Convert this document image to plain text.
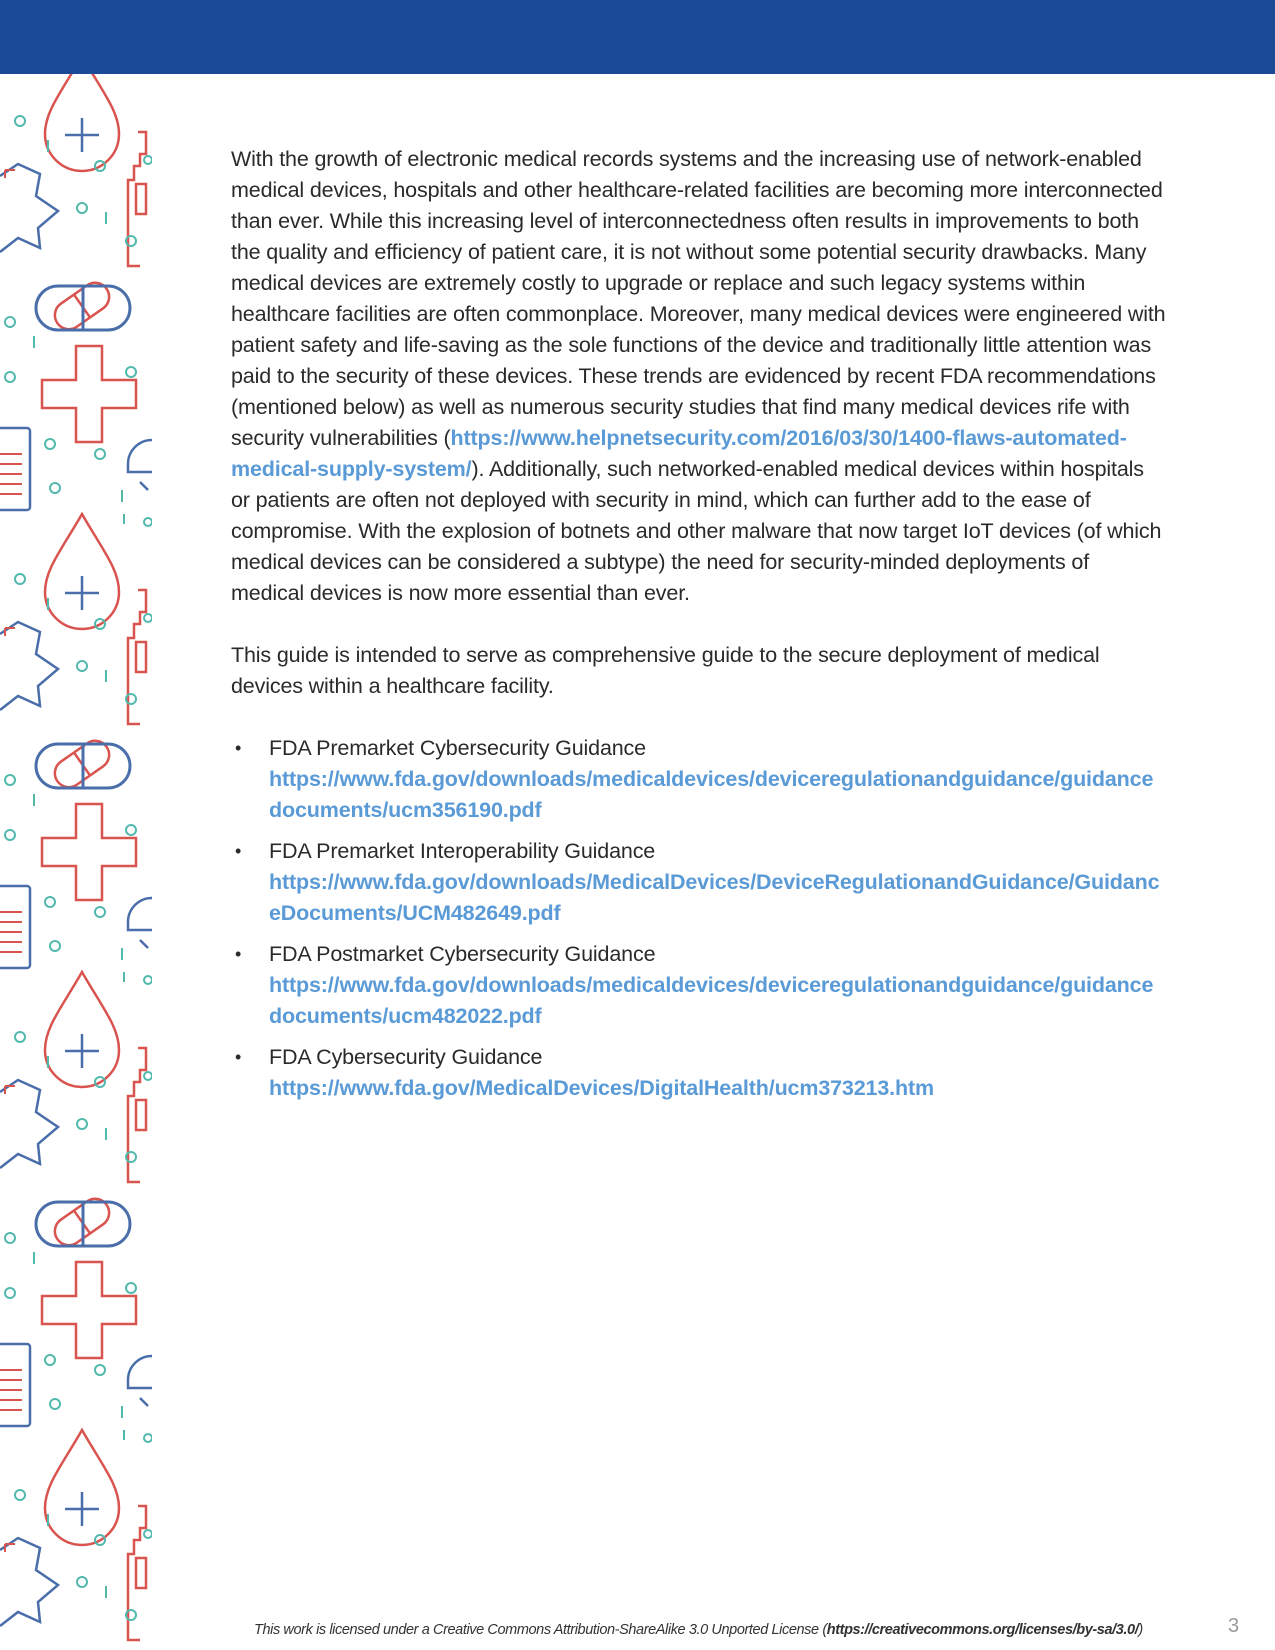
With the growth of electronic medical records systems and the increasing use of network-enabled medical devices, hospitals and other healthcare-related facilities are becoming more interconnected than ever. While this increasing level of interconnectedness often results in improvements to both the quality and efficiency of patient care, it is not without some potential security drawbacks. Many medical devices are extremely costly to upgrade or replace and such legacy systems within healthcare facilities are often commonplace. Moreover, many medical devices were engineered with patient safety and life-saving as the sole functions of the device and traditionally little attention was paid to the security of these devices. These trends are evidenced by recent FDA recommendations (mentioned below) as well as numerous security studies that find many medical devices rife with security vulnerabilities (https://www.helpnetsecurity.com/2016/03/30/1400-flaws-automated-medical-supply-system/). Additionally, such networked-enabled medical devices within hospitals or patients are often not deployed with security in mind, which can further add to the ease of compromise. With the explosion of botnets and other malware that now target IoT devices (of which medical devices can be considered a subtype) the need for security-minded deployments of medical devices is now more essential than ever.

This guide is intended to serve as comprehensive guide to the secure deployment of medical devices within a healthcare facility.

• FDA Premarket Cybersecurity Guidance
https://www.fda.gov/downloads/medicaldevices/deviceregulationandguidance/guidancedocuments/ucm356190.pdf
• FDA Premarket Interoperability Guidance
https://www.fda.gov/downloads/MedicalDevices/DeviceRegulationandGuidance/GuidanceDocuments/UCM482649.pdf
• FDA Postmarket Cybersecurity Guidance
https://www.fda.gov/downloads/medicaldevices/deviceregulationandguidance/guidancedocuments/ucm482022.pdf
• FDA Cybersecurity Guidance
https://www.fda.gov/MedicalDevices/DigitalHealth/ucm373213.htm
This work is licensed under a Creative Commons Attribution-ShareAlike 3.0 Unported License (https://creativecommons.org/licenses/by-sa/3.0/)	3
